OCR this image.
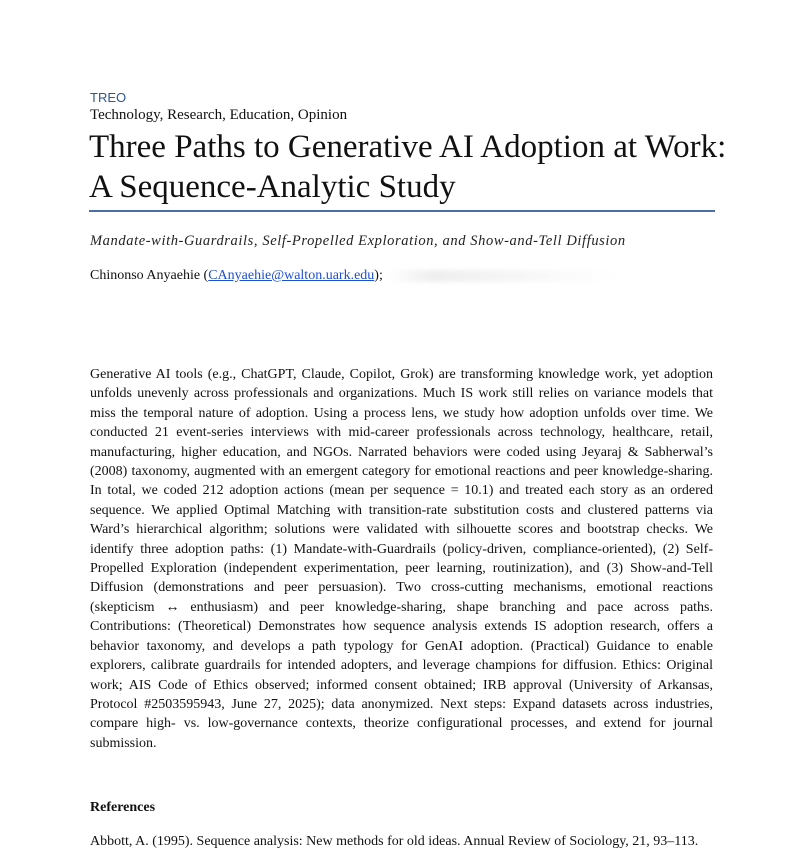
TREO
Technology, Research, Education, Opinion
Three Paths to Generative AI Adoption at Work: A Sequence-Analytic Study
Mandate-with-Guardrails, Self-Propelled Exploration, and Show-and-Tell Diffusion
Chinonso Anyaehie (CAnyaehie@walton.uark.edu);

Generative AI tools (e.g., ChatGPT, Claude, Copilot, Grok) are transforming knowledge work, yet adoption unfolds unevenly across professionals and organizations. Much IS work still relies on variance models that miss the temporal nature of adoption. Using a process lens, we study how adoption unfolds over time. We conducted 21 event-series interviews with mid-career professionals across technology, healthcare, retail, manufacturing, higher education, and NGOs. Narrated behaviors were coded using Jeyaraj & Sabherwal’s (2008) taxonomy, augmented with an emergent category for emotional reactions and peer knowledge-sharing. In total, we coded 212 adoption actions (mean per sequence = 10.1) and treated each story as an ordered sequence. We applied Optimal Matching with transition-rate substitution costs and clustered patterns via Ward’s hierarchical algorithm; solutions were validated with silhouette scores and bootstrap checks. We identify three adoption paths: (1) Mandate-with-Guardrails (policy-driven, compliance-oriented), (2) Self-Propelled Exploration (independent experimentation, peer learning, routinization), and (3) Show-and-Tell Diffusion (demonstrations and peer persuasion). Two cross-cutting mechanisms, emotional reactions (skepticism ↔ enthusiasm) and peer knowledge-sharing, shape branching and pace across paths. Contributions: (Theoretical) Demonstrates how sequence analysis extends IS adoption research, offers a behavior taxonomy, and develops a path typology for GenAI adoption. (Practical) Guidance to enable explorers, calibrate guardrails for intended adopters, and leverage champions for diffusion. Ethics: Original work; AIS Code of Ethics observed; informed consent obtained; IRB approval (University of Arkansas, Protocol #2503595943, June 27, 2025); data anonymized. Next steps: Expand datasets across industries, compare high- vs. low-governance contexts, theorize configurational processes, and extend for journal submission.

References

Abbott, A. (1995). Sequence analysis: New methods for old ideas. Annual Review of Sociology, 21, 93–113.
